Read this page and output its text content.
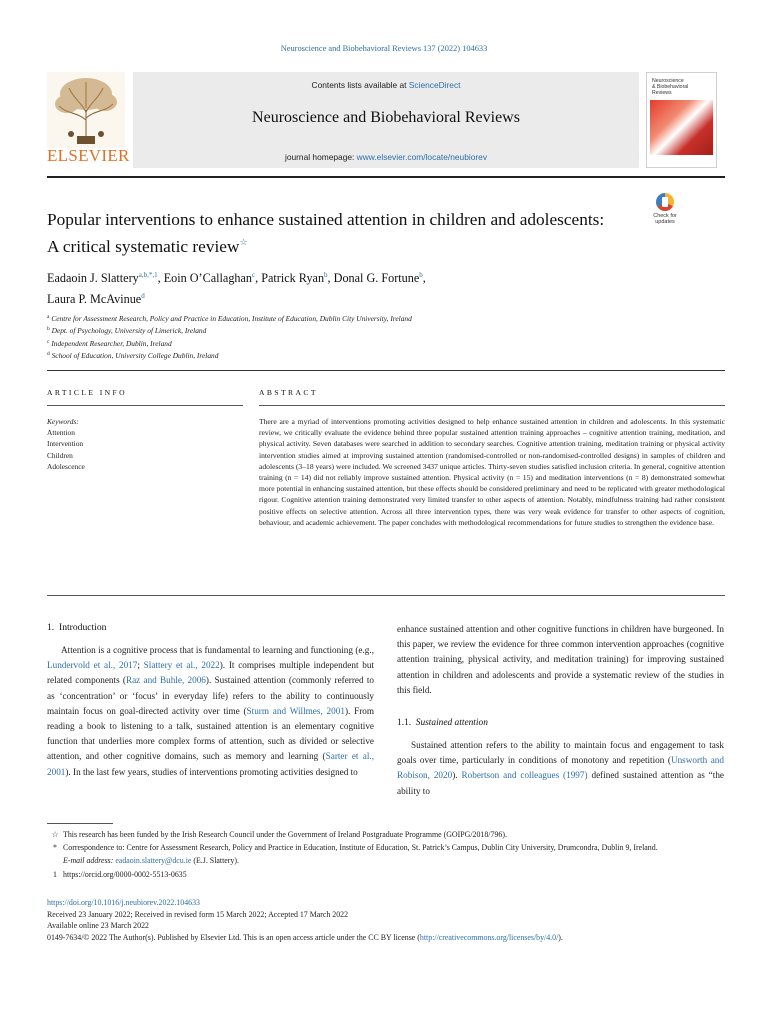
Neuroscience and Biobehavioral Reviews 137 (2022) 104633
ELSEVIER
Contents lists available at ScienceDirect
Neuroscience and Biobehavioral Reviews
journal homepage: www.elsevier.com/locate/neubiorev
Neuroscience
& Biobehavioral
Reviews
Popular interventions to enhance sustained attention in children and adolescents: A critical systematic review☆
Check for updates
Eadaoin J. Slattery$^{a,b,*,1}$, Eoin O’Callaghan$^c$, Patrick Ryan$^b$, Donal G. Fortune$^b$,
Laura P. McAvinue$^d$
$^a$ Centre for Assessment Research, Policy and Practice in Education, Institute of Education, Dublin City University, Ireland
$^b$ Dept. of Psychology, University of Limerick, Ireland
$^c$ Independent Researcher, Dublin, Ireland
$^d$ School of Education, University College Dublin, Ireland
ARTICLE INFO
Keywords:
Attention
Intervention
Children
Adolescence
ABSTRACT
There are a myriad of interventions promoting activities designed to help enhance sustained attention in children and adolescents. In this systematic review, we critically evaluate the evidence behind three popular sustained attention training approaches – cognitive attention training, meditation, and physical activity. Seven databases were searched in addition to secondary searches. Cognitive attention training, meditation training or physical activity intervention studies aimed at improving sustained attention (randomised-controlled or non-randomised-controlled designs) in samples of children and adolescents (3–18 years) were included. We screened 3437 unique articles. Thirty-seven studies satisfied inclusion criteria. In general, cognitive attention training (n = 14) did not reliably improve sustained attention. Physical activity (n = 15) and meditation interventions (n = 8) demonstrated somewhat more potential in enhancing sustained attention, but these effects should be considered preliminary and need to be replicated with greater methodological rigour. Cognitive attention training demonstrated very limited transfer to other aspects of attention. Notably, mindfulness training had rather consistent positive effects on selective attention. Across all three intervention types, there was very weak evidence for transfer to other aspects of cognition, behaviour, and academic achievement. The paper concludes with methodological recommendations for future studies to strengthen the evidence base.
1. Introduction

Attention is a cognitive process that is fundamental to learning and functioning (e.g., Lundervold et al., 2017; Slattery et al., 2022). It comprises multiple independent but related components (Raz and Buhle, 2006). Sustained attention (commonly referred to as ‘concentration’ or ‘focus’ in everyday life) refers to the ability to continuously maintain focus on goal-directed activity over time (Sturm and Willmes, 2001). From reading a book to listening to a talk, sustained attention is an elementary cognitive function that underlies more complex forms of attention, such as divided or selective attention, and other cognitive domains, such as memory and learning (Sarter et al., 2001). In the last few years, studies of interventions promoting activities designed to

enhance sustained attention and other cognitive functions in children have burgeoned. In this paper, we review the evidence for three common intervention approaches (cognitive attention training, physical activity, and meditation training) for improving sustained attention in children and adolescents and provide a systematic review of the studies in this field.

1.1. Sustained attention

Sustained attention refers to the ability to maintain focus and engagement to task goals over time, particularly in conditions of monotony and repetition (Unsworth and Robison, 2020). Robertson and colleagues (1997) defined sustained attention as “the ability to

☆ This research has been funded by the Irish Research Council under the Government of Ireland Postgraduate Programme (GOIPG/2018/796).
* Correspondence to: Centre for Assessment Research, Policy and Practice in Education, Institute of Education, St. Patrick’s Campus, Dublin City University, Drumcondra, Dublin 9, Ireland.
E-mail address: eadaoin.slattery@dcu.ie (E.J. Slattery).
1 https://orcid.org/0000-0002-5513-0635
https://doi.org/10.1016/j.neubiorev.2022.104633
Received 23 January 2022; Received in revised form 15 March 2022; Accepted 17 March 2022
Available online 23 March 2022
0149-7634/© 2022 The Author(s). Published by Elsevier Ltd. This is an open access article under the CC BY license (http://creativecommons.org/licenses/by/4.0/).
